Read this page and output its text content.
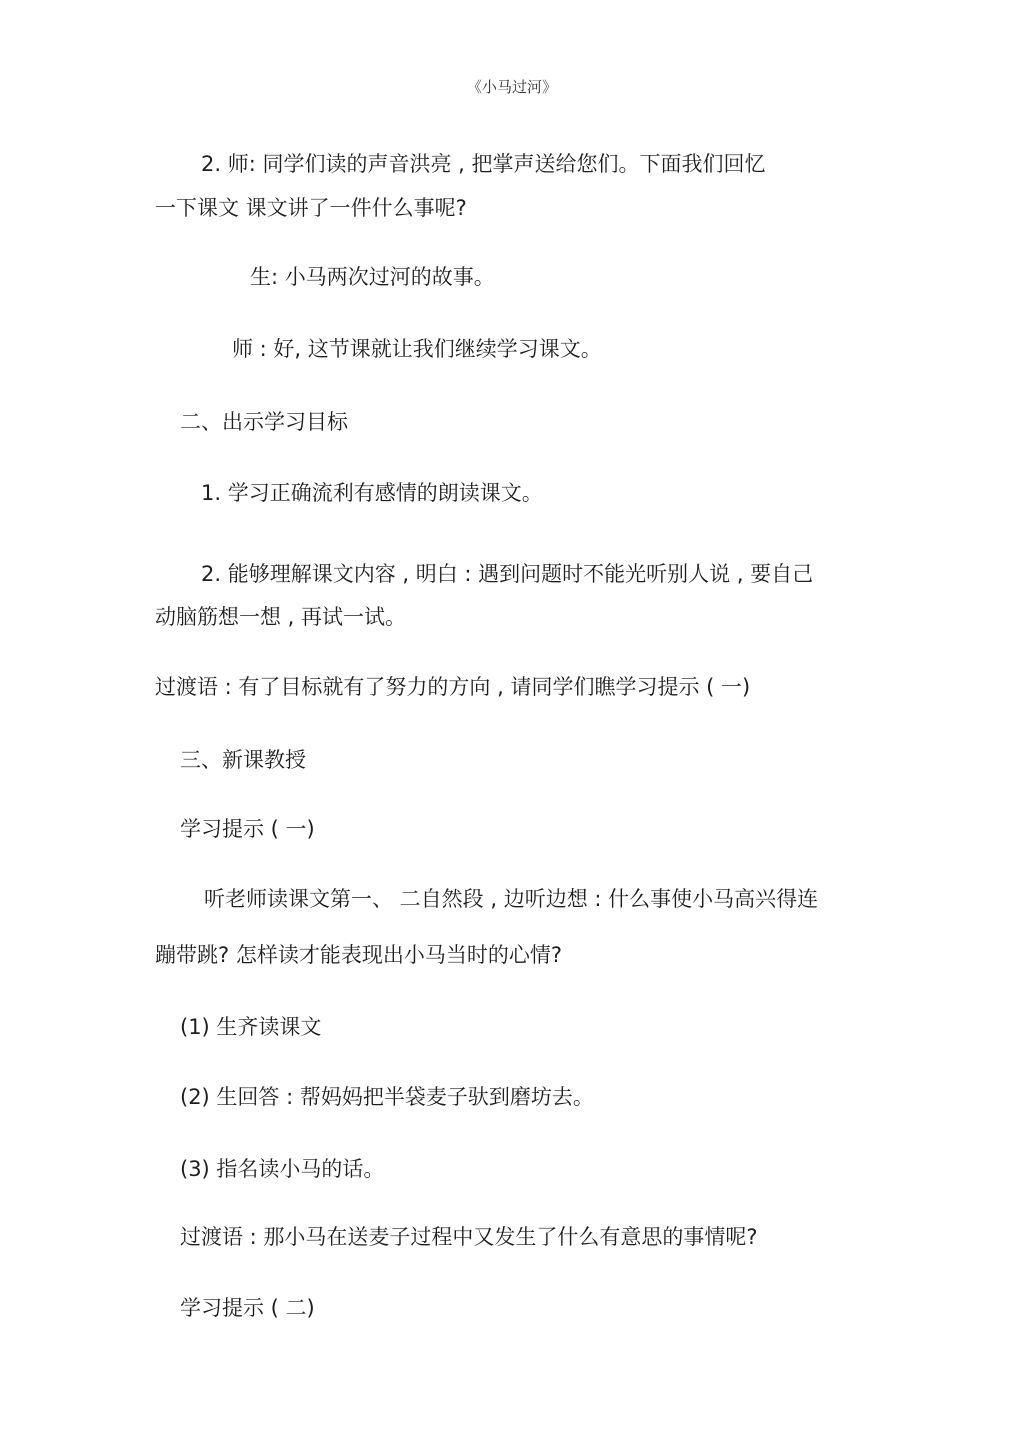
《小马过河》
2. 师: 同学们读的声音洪亮 , 把掌声送给您们。下面我们回忆
一下课文 课文讲了一件什么事呢?
生: 小马两次过河的故事。
师 : 好, 这节课就让我们继续学习课文。
二、出示学习目标
1. 学习正确流利有感情的朗读课文。
2. 能够理解课文内容 , 明白 : 遇到问题时不能光听别人说 , 要自己
动脑筋想一想 , 再试一试。
过渡语 : 有了目标就有了努力的方向 , 请同学们瞧学习提示 ( 一)
三、新课教授
学习提示 ( 一)
听老师读课文第一、 二自然段 , 边听边想 : 什么事使小马高兴得连
蹦带跳? 怎样读才能表现出小马当时的心情?
(1) 生齐读课文
(2) 生回答 : 帮妈妈把半袋麦子驮到磨坊去。
(3) 指名读小马的话。
过渡语 : 那小马在送麦子过程中又发生了什么有意思的事情呢?
学习提示 ( 二)
